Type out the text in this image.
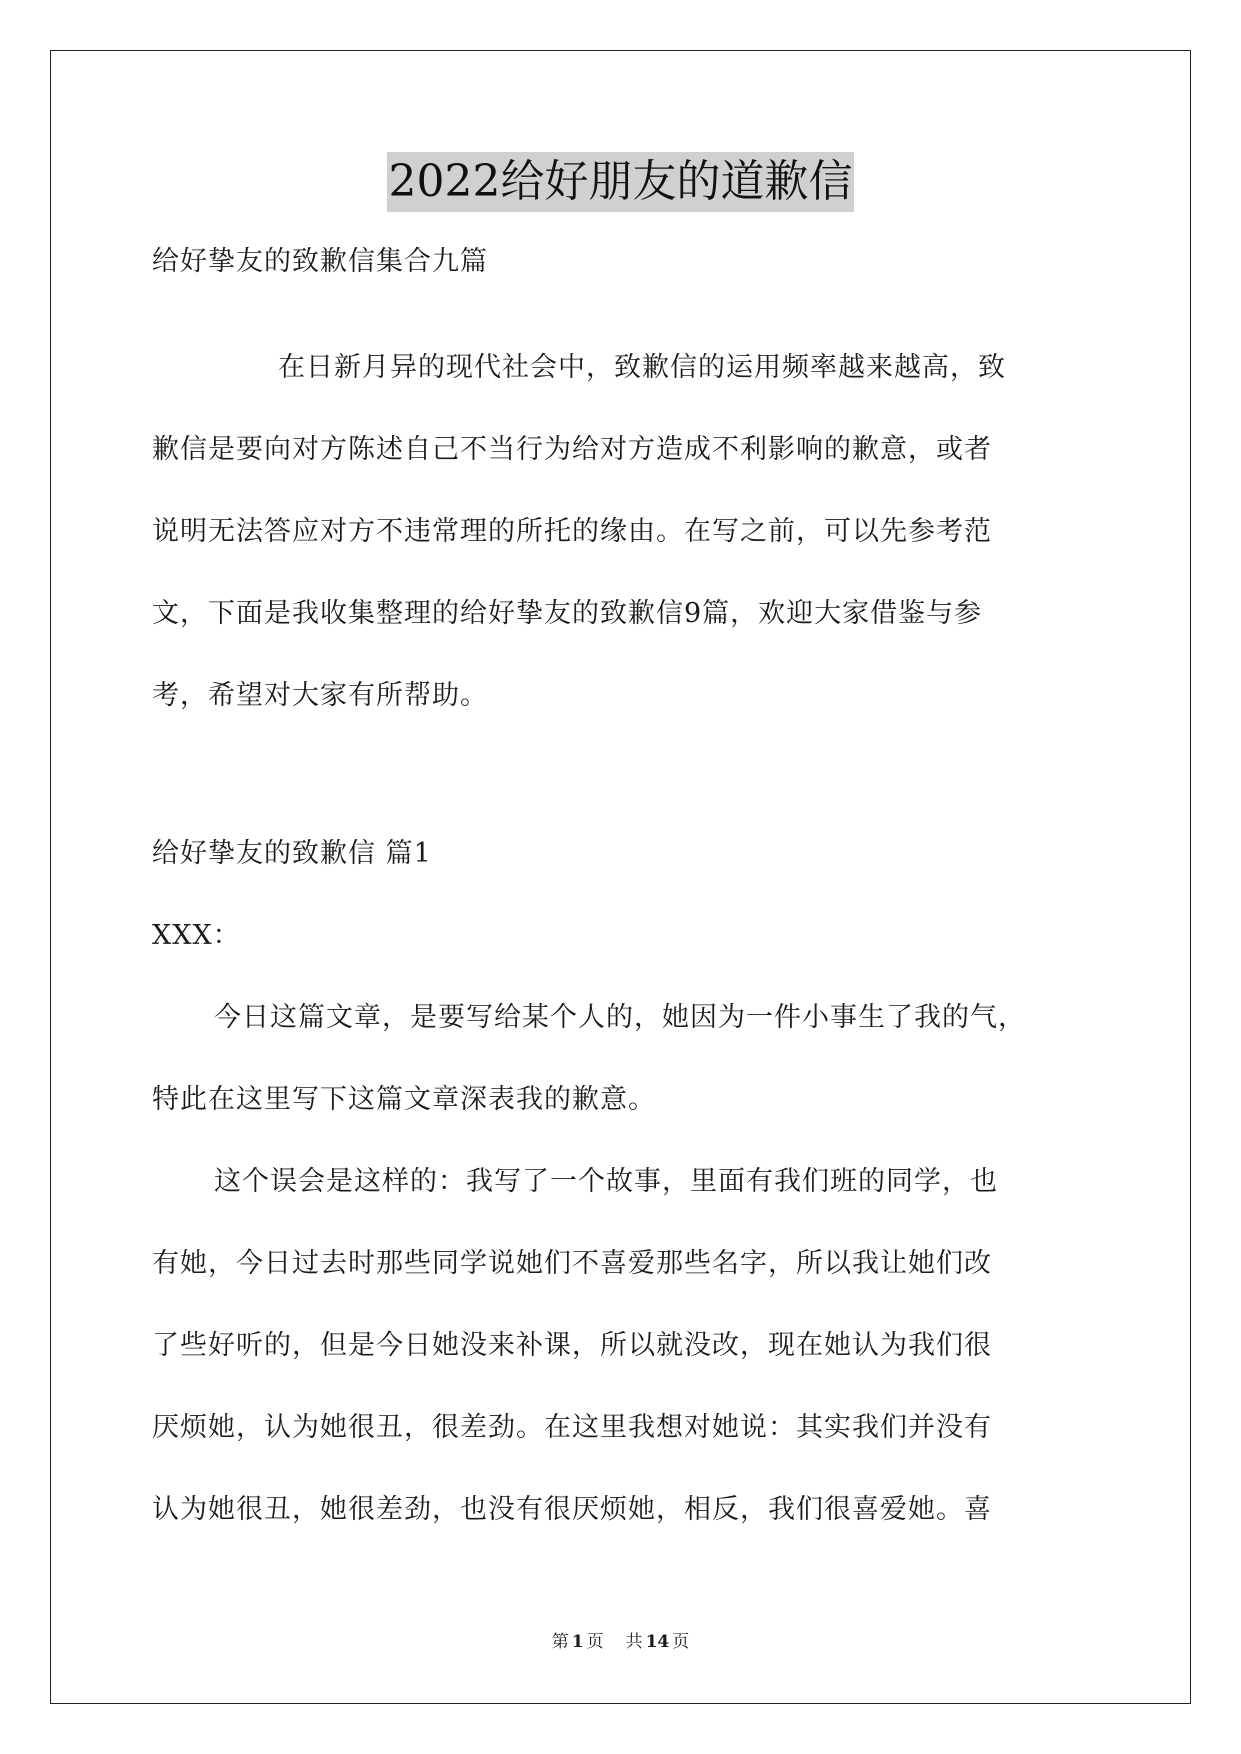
2022给好朋友的道歉信
给好挚友的致歉信集合九篇
在日新月异的现代社会中，致歉信的运用频率越来越高，致
歉信是要向对方陈述自己不当行为给对方造成不利影响的歉意，或者
说明无法答应对方不违常理的所托的缘由。在写之前，可以先参考范
文，下面是我收集整理的给好挚友的致歉信9篇，欢迎大家借鉴与参
考，希望对大家有所帮助。
给好挚友的致歉信 篇1
XXX：
今日这篇文章，是要写给某个人的，她因为一件小事生了我的气，
特此在这里写下这篇文章深表我的歉意。
这个误会是这样的：我写了一个故事，里面有我们班的同学，也
有她，今日过去时那些同学说她们不喜爱那些名字，所以我让她们改
了些好听的，但是今日她没来补课，所以就没改，现在她认为我们很
厌烦她，认为她很丑，很差劲。在这里我想对她说：其实我们并没有
认为她很丑，她很差劲，也没有很厌烦她，相反，我们很喜爱她。喜
第 1 页 共 14 页
